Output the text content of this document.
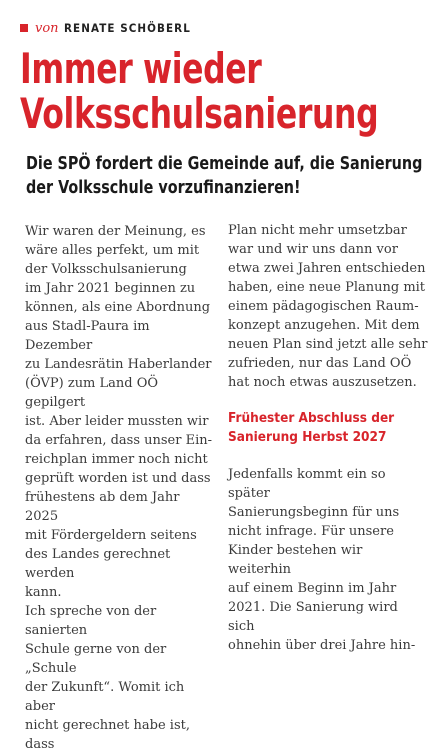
von RENATE SCHÖBERL
Immer wieder
Volksschulsanierung
Die SPÖ fordert die Gemeinde auf, die Sanierung
der Volksschule vorzufinanzieren!

Wir waren der Meinung, es
wäre alles perfekt, um mit
der Volksschulsanierung
im Jahr 2021 beginnen zu
können, als eine Abordnung
aus Stadl-Paura im Dezember
zu Landesrätin Haberlander
(ÖVP) zum Land OÖ gepilgert
ist. Aber leider mussten wir
da erfahren, dass unser Ein-
reichplan immer noch nicht
geprüft worden ist und dass
frühestens ab dem Jahr 2025
mit Fördergeldern seitens
des Landes gerechnet werden
kann.
Ich spreche von der sanierten
Schule gerne von der „Schule
der Zukunft“. Womit ich aber
nicht gerechnet habe ist, dass

Plan nicht mehr umsetzbar
war und wir uns dann vor
etwa zwei Jahren entschieden
haben, eine neue Planung mit
einem pädagogischen Raum-
konzept anzugehen. Mit dem
neuen Plan sind jetzt alle sehr
zufrieden, nur das Land OÖ
hat noch etwas auszusetzen.

Frühester Abschluss der
Sanierung Herbst 2027

Jedenfalls kommt ein so später
Sanierungsbeginn für uns
nicht infrage. Für unsere
Kinder bestehen wir weiterhin
auf einem Beginn im Jahr
2021. Die Sanierung wird sich
ohnehin über drei Jahre hin-
